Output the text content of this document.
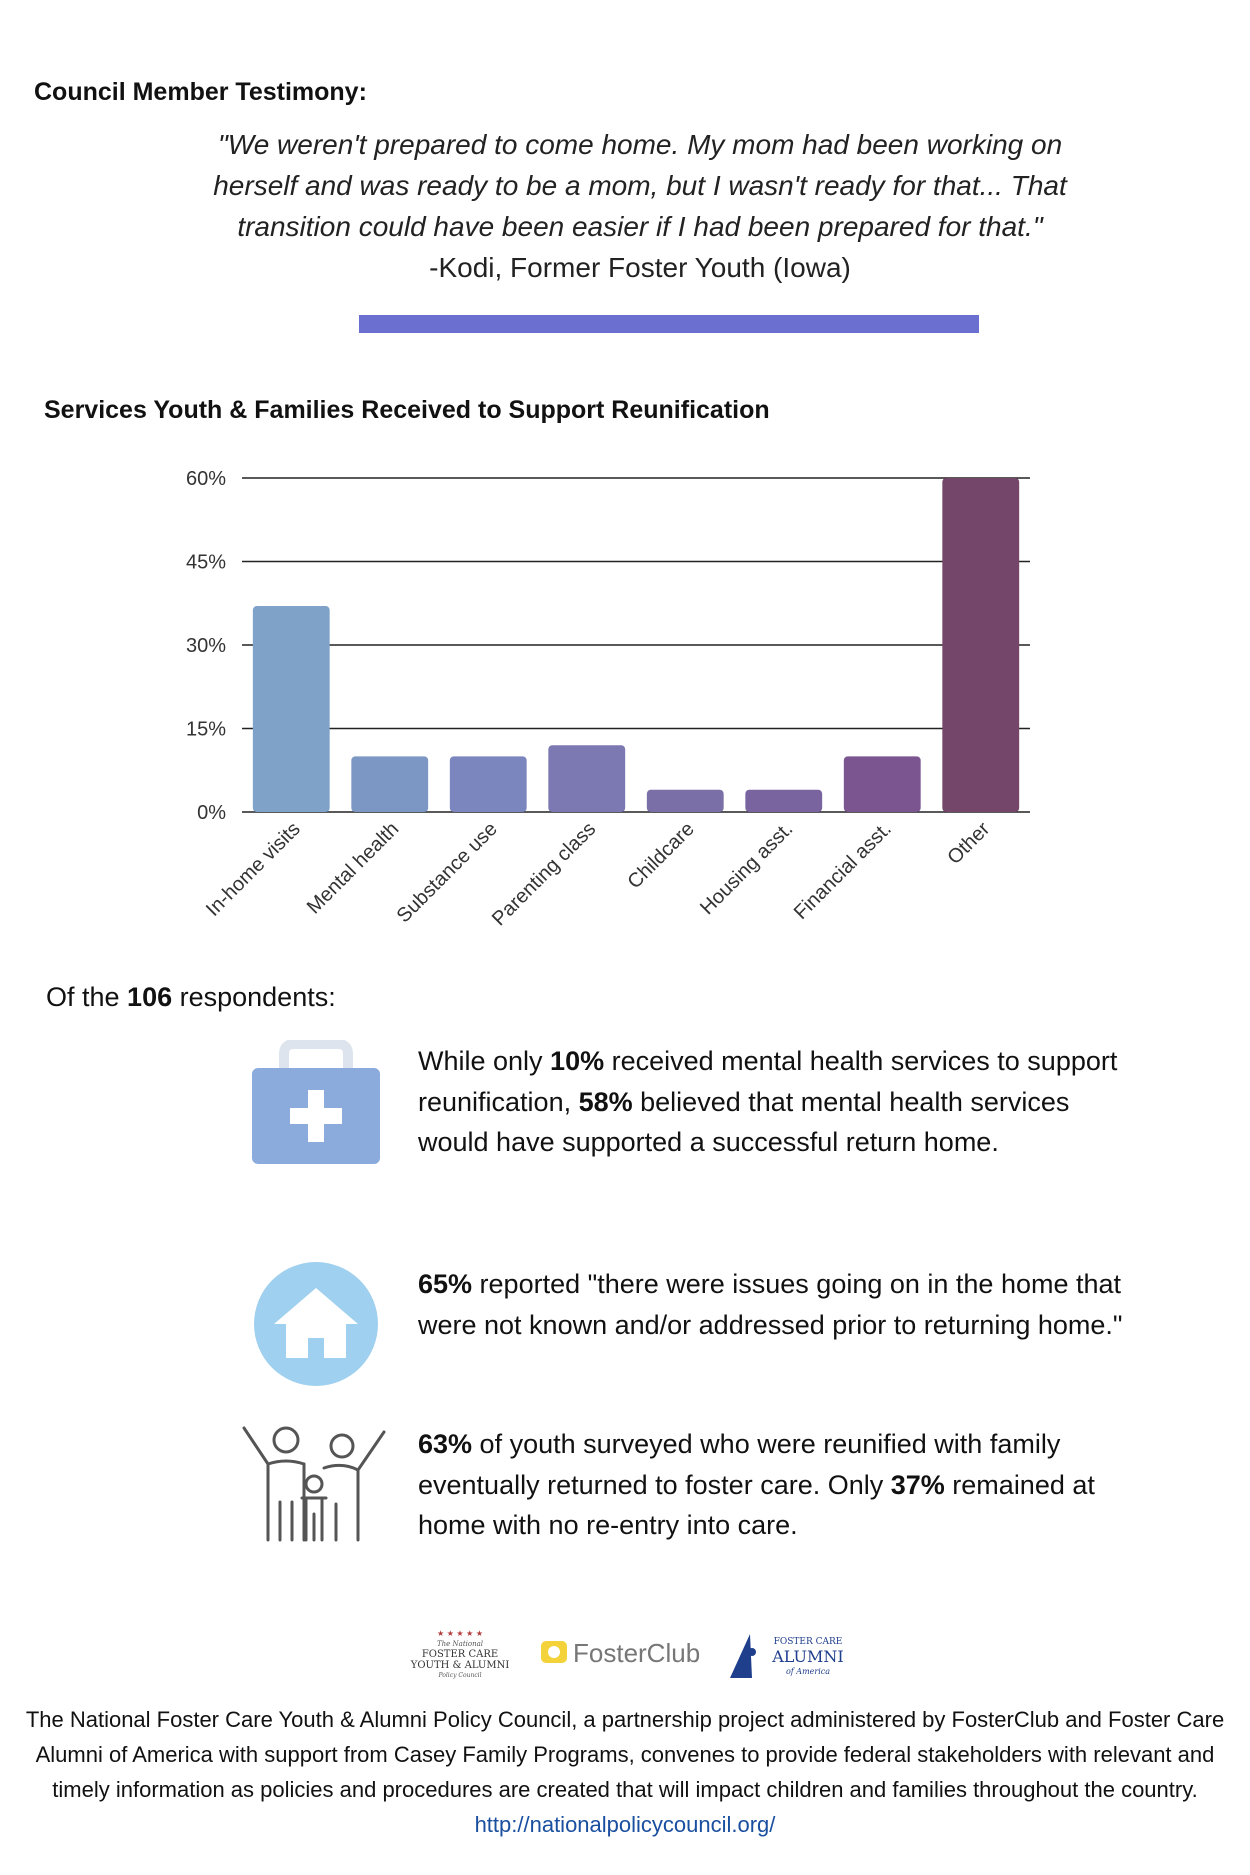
Council Member Testimony:
"We weren't prepared to come home. My mom had been working on herself and was ready to be a mom, but I wasn't ready for that... That transition could have been easier if I had been prepared for that."
-Kodi, Former Foster Youth (Iowa)
Services Youth & Families Received to Support Reunification
0%
15%
30%
45%
60%
In-home visits
Mental health
Substance use
Parenting class Childcare
Housing asst.
Financial asst. Other
Of the 106 respondents:
While only 10% received mental health services to support reunification, 58% believed that mental health services would have supported a successful return home.
65% reported "there were issues going on in the home that were not known and/or addressed prior to returning home."
63% of youth surveyed who were reunified with family eventually returned to foster care. Only 37% remained at home with no re-entry into care.
★ ★ ★ ★ ★
The National
FOSTER CARE
YOUTH & ALUMNI
Policy Council
FosterClub	FOSTER CARE
ALUMNI
of America
The National Foster Care Youth & Alumni Policy Council, a partnership project administered by FosterClub and Foster Care Alumni of America with support from Casey Family Programs, convenes to provide federal stakeholders with relevant and timely information as policies and procedures are created that will impact children and families throughout the country.
http://nationalpolicycouncil.org/
